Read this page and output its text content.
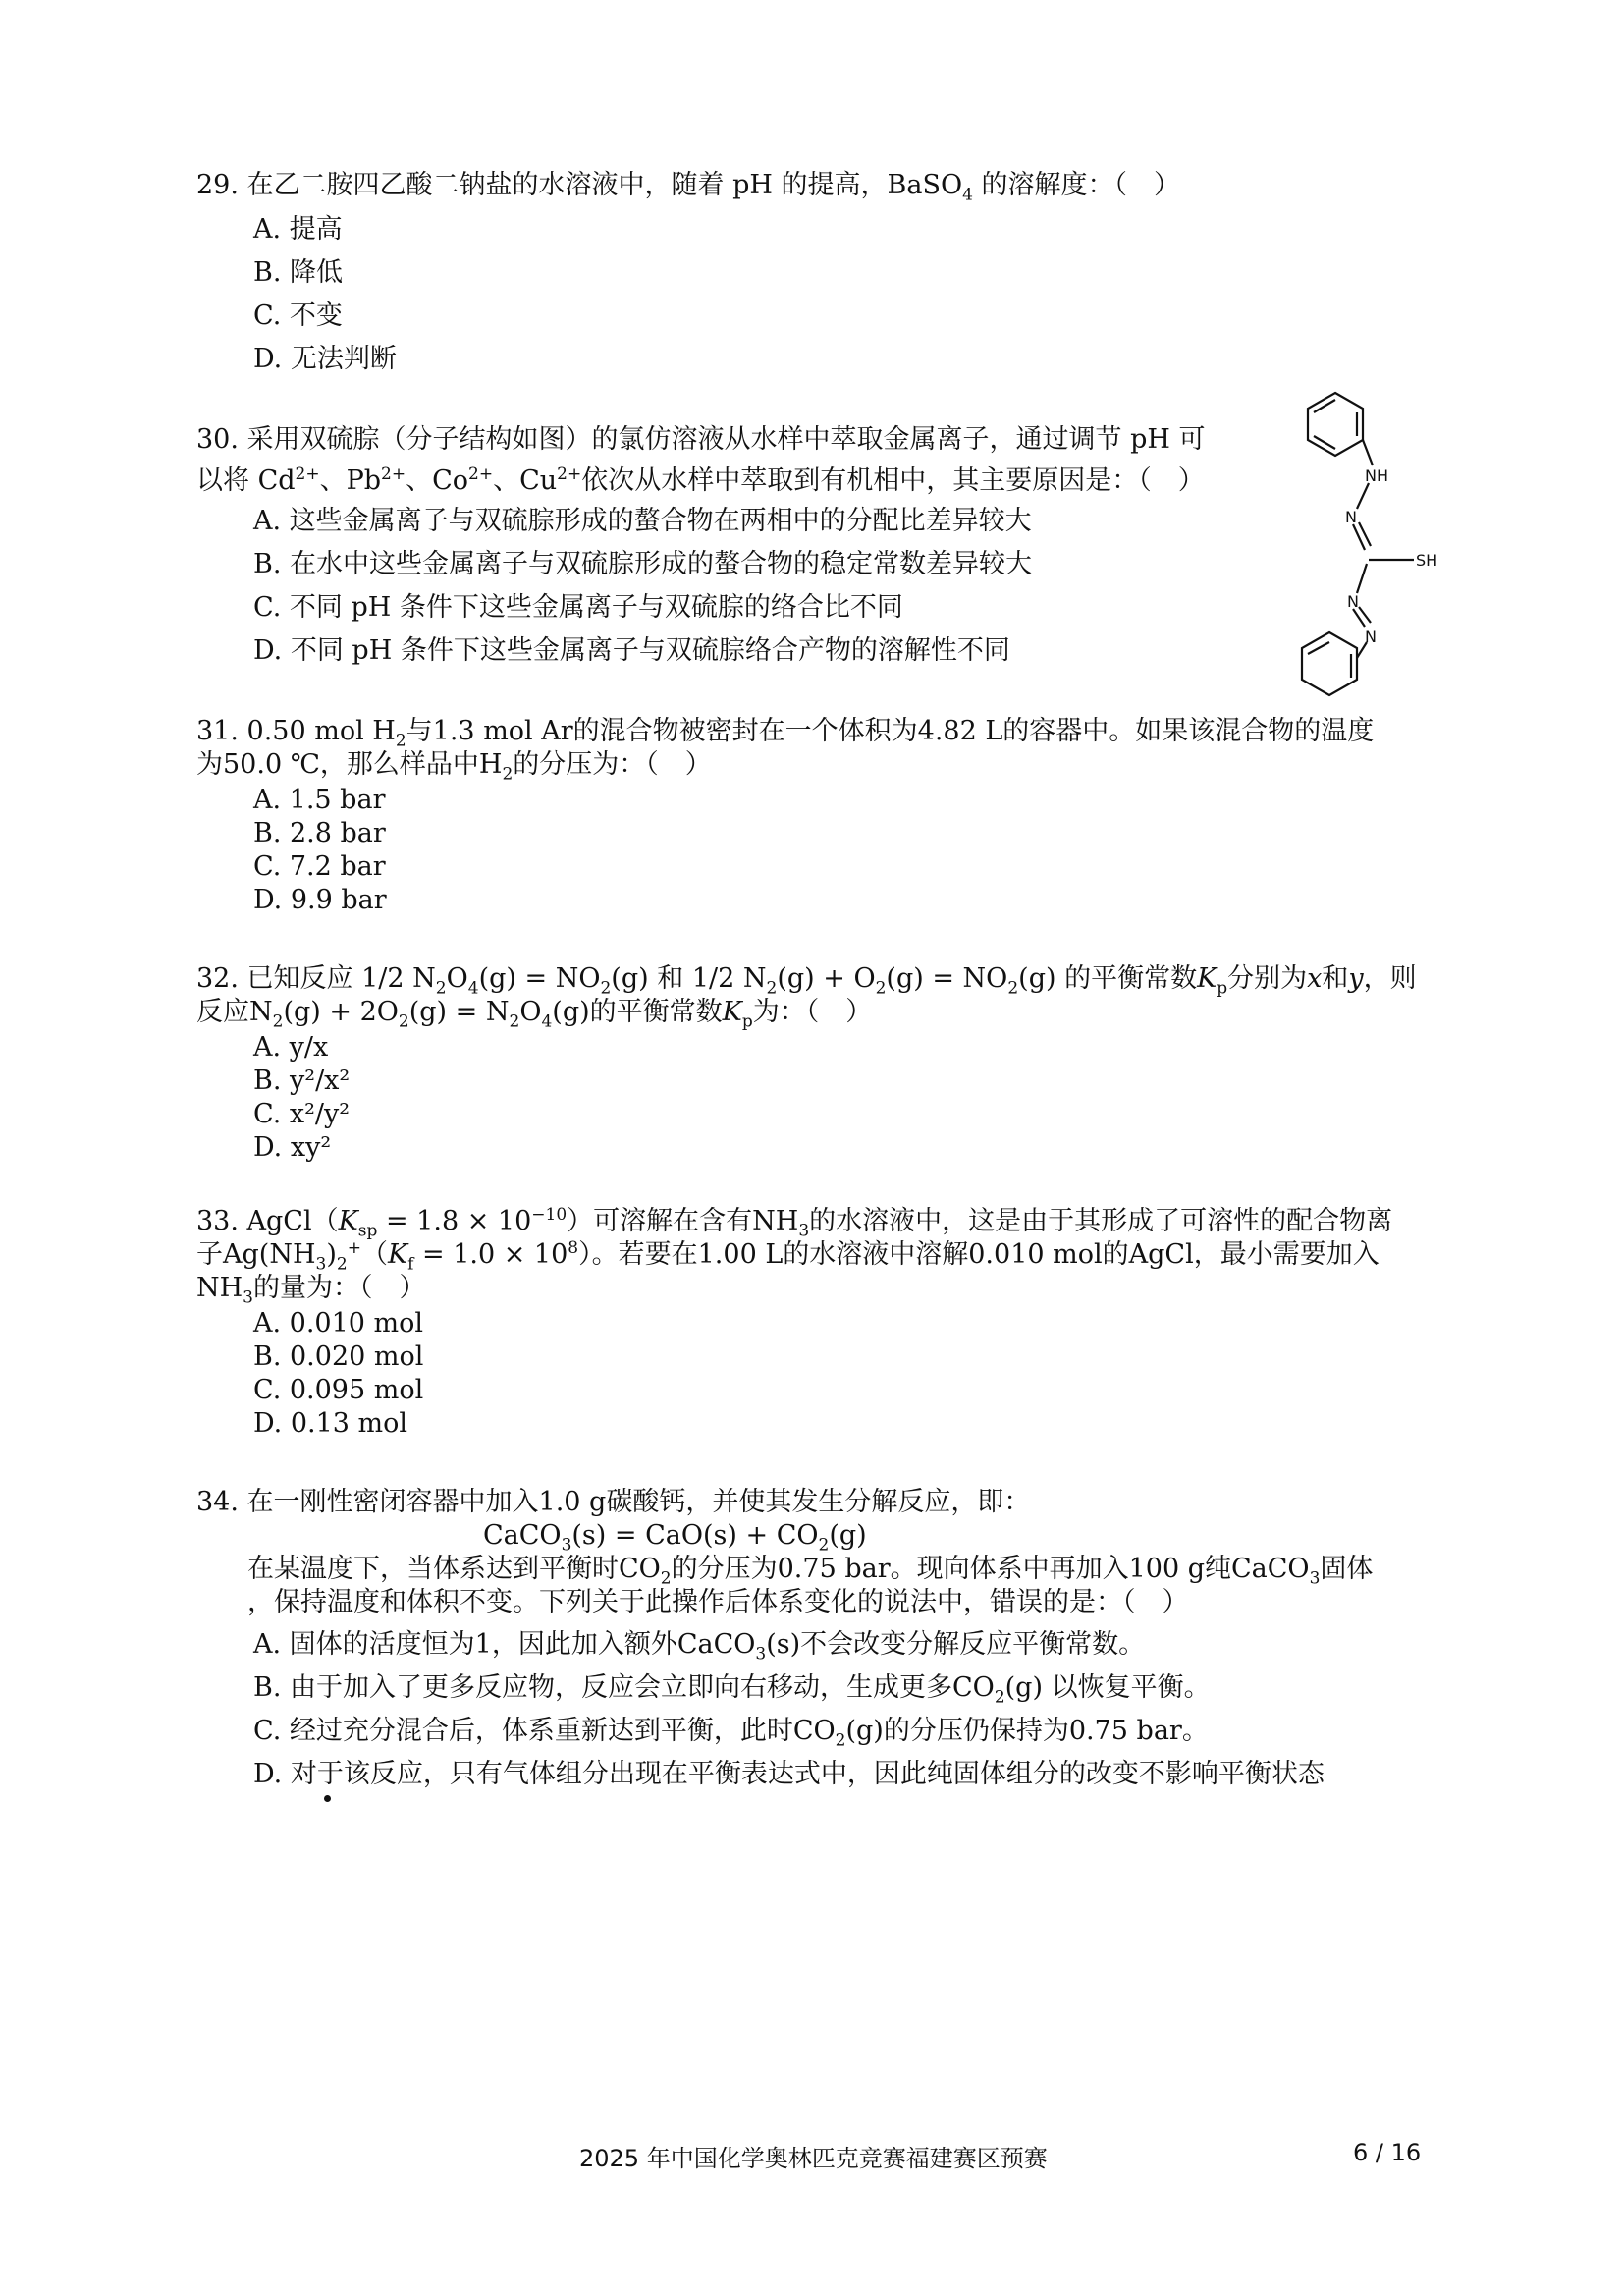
29. 在乙二胺四乙酸二钠盐的水溶液中，随着 pH 的提高，BaSO$_4$ 的溶解度：（　）
A. 提高
B. 降低
C. 不变
D. 无法判断
30. 采用双硫腙（分子结构如图）的氯仿溶液从水样中萃取金属离子，通过调节 pH 可
以将 $Cd^{2+}$、$Pb^{2+}$、$Co^{2+}$、$Cu^{2+}$依次从水样中萃取到有机相中，其主要原因是：（　）
A. 这些金属离子与双硫腙形成的螯合物在两相中的分配比差异较大
B. 在水中这些金属离子与双硫腙形成的螯合物的稳定常数差异较大
C. 不同 pH 条件下这些金属离子与双硫腙的络合比不同
D. 不同 pH 条件下这些金属离子与双硫腙络合产物的溶解性不同
NH
N
SH
N
N
31. 0.50 mol $H_2$与1.3 mol Ar的混合物被密封在一个体积为4.82 L的容器中。如果该混合物的温度
为50.0 ℃，那么样品中$H_2$的分压为：（　）
A. 1.5 bar
B. 2.8 bar
C. 7.2 bar
D. 9.9 bar
32. 已知反应 1/2 $N_2O_4(g) = NO_2(g)$ 和 1/2 $N_2(g) + O_2(g) = NO_2(g)$ 的平衡常数$K_p$分别为x和y，则
反应$N_2(g) + 2O_2(g) = N_2O_4(g)$的平衡常数$K_p$为：（　）
A. y/x
B. y²/x²
C. x²/y²
D. xy²
33. $AgCl(K_{sp} = 1.8 \times 10^{-10})$可溶解在含有$NH_3$的水溶液中，这是由于其形成了可溶性的配合物离
子$Ag(NH_3)_2^+(K_f = 1.0 \times 10^8)$。若要在1.00 L的水溶液中溶解0.010 mol的AgCl，最小需要加入
$NH_3$的量为：（　）
A. 0.010 mol
B. 0.020 mol
C. 0.095 mol
D. 0.13 mol
34. 在一刚性密闭容器中加入1.0 g碳酸钙，并使其发生分解反应，即：
CaCO$_3$(s) = $CaO(s) + CO_2(g)$
在某温度下，当体系达到平衡时$CO_2$的分压为0.75 bar。现向体系中再加入100 g纯CaCO$_3$固体
，保持温度和体积不变。下列关于此操作后体系变化的说法中，错误的是：（　）
A. 固体的活度恒为1，因此加入额外CaCO$_3$(s)不会改变分解反应平衡常数。
B. 由于加入了更多反应物，反应会立即向右移动，生成更多$CO_2(g)$ 以恢复平衡。
C. 经过充分混合后，体系重新达到平衡，此时$CO_2(g)$的分压仍保持为0.75 bar。
D. 对于该反应，只有气体组分出现在平衡表达式中，因此纯固体组分的改变不影响平衡状态
2025 年中国化学奥林匹克竞赛福建赛区预赛	6 / 16
